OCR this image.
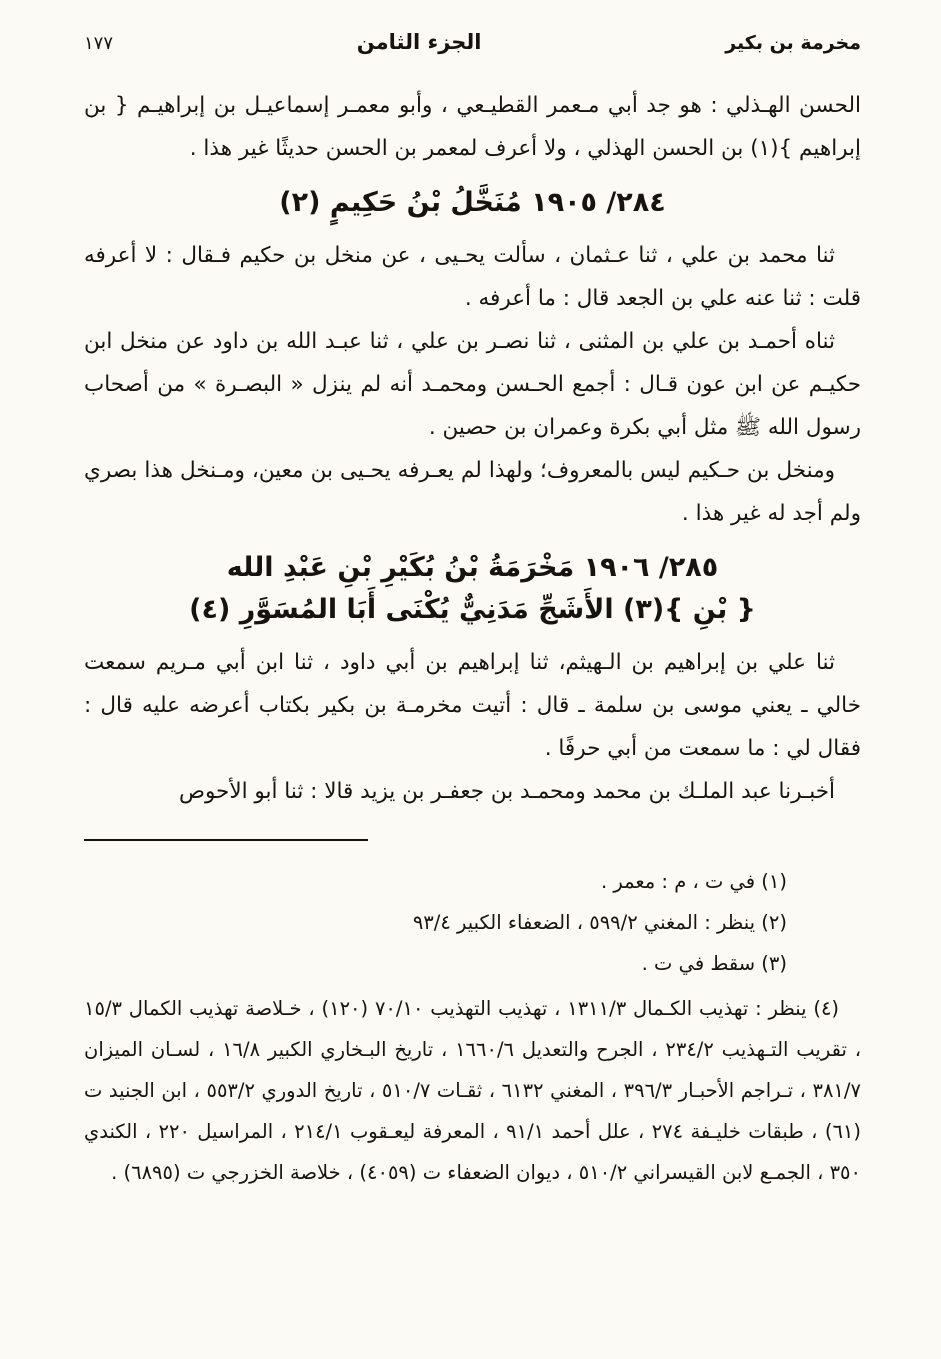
مخرمة بن بكير
الجزء الثامن
١٧٧

الحسن الهـذلي : هو جد أبي مـعمر القطيـعي ، وأبو معمـر إسماعيـل بن إبراهيـم { بن إبراهيم }(١) بن الحسن الهذلي ، ولا أعرف لمعمر بن الحسن حديثًا غير هذا .

٢٨٤/ ١٩٠٥ مُنَخَّلُ بْنُ حَكِيمٍ (٢)

ثنا محمد بن علي ، ثنا عـثمان ، سألت يحـيى ، عن منخل بن حكيم فـقال : لا أعرفه قلت : ثنا عنه علي بن الجعد قال : ما أعرفه .

ثناه أحمـد بن علي بن المثنى ، ثنا نصـر بن علي ، ثنا عبـد الله بن داود عن منخل ابن حكيـم عن ابن عون قـال : أجمع الحـسن ومحمـد أنه لم ينزل « البصـرة » من أصحاب رسول الله ﷺ مثل أبي بكرة وعمران بن حصين .

ومنخل بن حـكيم ليس بالمعروف؛ ولهذا لم يعـرفه يحـيى بن معين، ومـنخل هذا بصري ولم أجد له غير هذا .

٢٨٥/ ١٩٠٦ مَخْرَمَةُ بْنُ بُكَيْرِ بْنِ عَبْدِ الله
{ بْنِ }(٣) الأَشَجِّ مَدَنِيٌّ يُكْنَى أَبَا المُسَوَّرِ (٤)

ثنا علي بن إبراهيم بن الـهيثم، ثنا إبراهيم بن أبي داود ، ثنا ابن أبي مـريم سمعت خالي ـ يعني موسى بن سلمة ـ قال : أتيت مخرمـة بن بكير بكتاب أعرضه عليه قال : فقال لي : ما سمعت من أبي حرفًا .

أخبـرنا عبد الملـك بن محمد ومحمـد بن جعفـر بن يزيد قالا : ثنا أبو الأحوص

(١) في ت ، م : معمر .

(٢) ينظر : المغني ٥٩٩/٢ ، الضعفاء الكبير ٩٣/٤

(٣) سقط في ت .

(٤) ينظر : تهذيب الكـمال ١٣١١/٣ ، تهذيب التهذيب ٧٠/١٠ (١٢٠) ، خـلاصة تهذيب الكمال ١٥/٣ ، تقريب التـهذيب ٢٣٤/٢ ، الجرح والتعديل ١٦٦٠/٦ ، تاريخ البـخاري الكبير ١٦/٨ ، لسـان الميزان ٣٨١/٧ ، تـراجم الأحبـار ٣٩٦/٣ ، المغني ٦١٣٢ ، ثقـات ٥١٠/٧ ، تاريخ الدوري ٥٥٣/٢ ، ابن الجنيد ت (٦١) ، طبقات خليـفة ٢٧٤ ، علل أحمد ٩١/١ ، المعرفة ليعـقوب ٢١٤/١ ، المراسيل ٢٢٠ ، الكندي ٣٥٠ ، الجمـع لابن القيسراني ٥١٠/٢ ، ديوان الضعفاء ت (٤٠٥٩) ، خلاصة الخزرجي ت (٦٨٩٥) .
